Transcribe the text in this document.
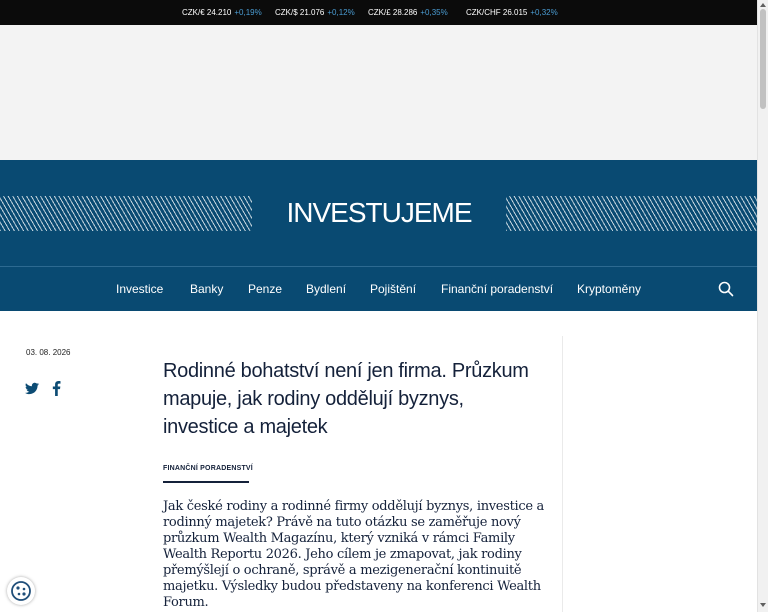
CZK/€ 24.210 +0,19% CZK/$ 21.076 +0,12% CZK/£ 28.286 +0,35% CZK/CHF 26.015 +0,32%
INVESTUJEME
Investice Banky Penze Bydlení Pojištění Finanční poradenství Kryptoměny
03. 08. 2026
Rodinné bohatství není jen firma. Průzkum mapuje, jak rodiny oddělují byznys, investice a majetek
FINANČNÍ PORADENSTVÍ

Jak české rodiny a rodinné firmy oddělují byznys, investice a rodinný majetek? Právě na tuto otázku se zaměřuje nový průzkum Wealth Magazínu, který vzniká v rámci Family Wealth Reportu 2026. Jeho cílem je zmapovat, jak rodiny přemýšlejí o ochraně, správě a mezigenerační kontinuitě majetku. Výsledky budou představeny na konferenci Wealth Forum.
